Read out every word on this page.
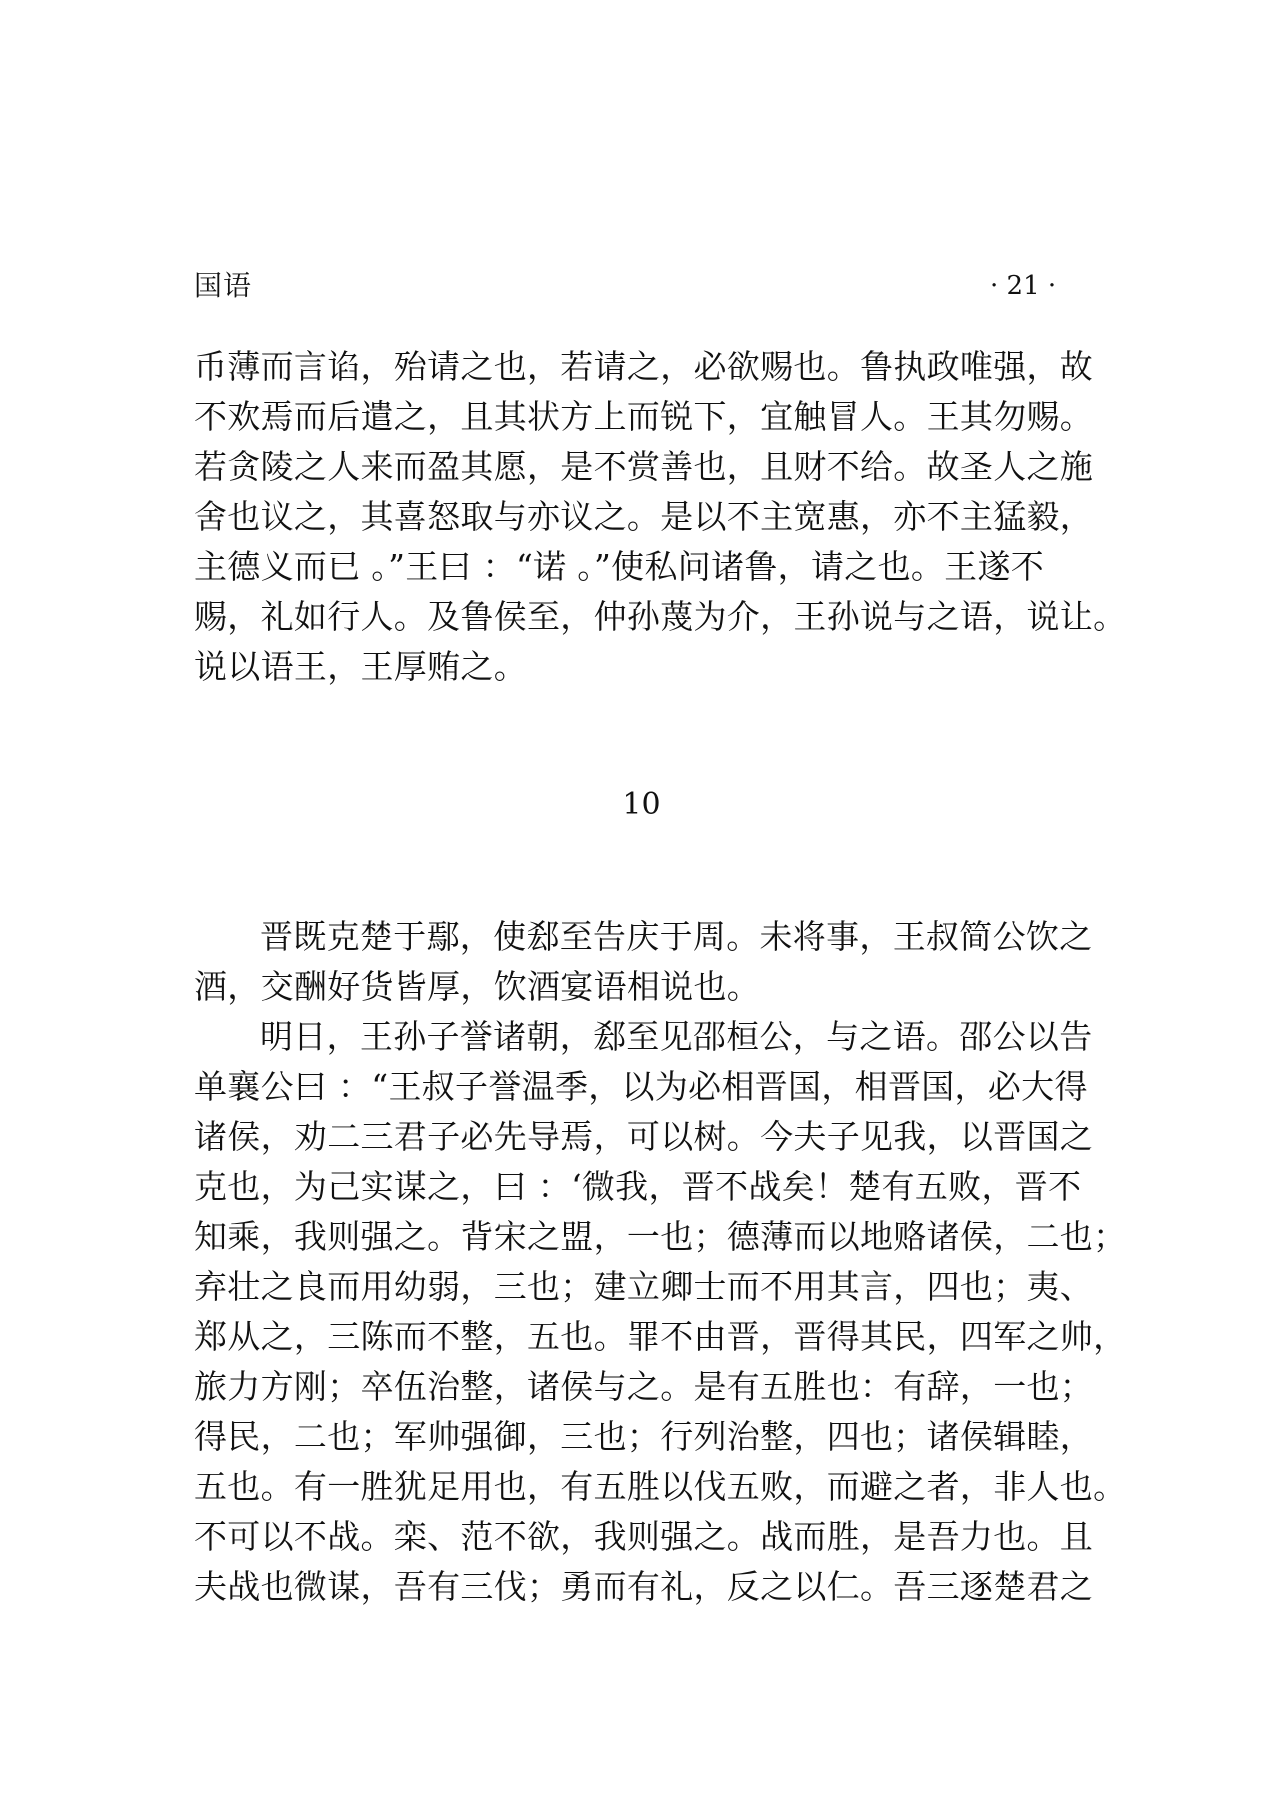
国语	· 21 ·
币薄而言谄，殆请之也，若请之，必欲赐也。鲁执政唯强，故
不欢焉而后遣之，且其状方上而锐下，宜触冒人。王其勿赐。
若贪陵之人来而盈其愿，是不赏善也，且财不给。故圣人之施
舍也议之，其喜怒取与亦议之。是以不主宽惠，亦不主猛毅，
主德义而已 。”王曰 ：“诺 。”使私问诸鲁，请之也。王遂不
赐，礼如行人。及鲁侯至，仲孙蔑为介，王孙说与之语，说让。
说以语王，王厚贿之。
10
晋既克楚于鄢，使郄至告庆于周。未将事，王叔简公饮之
酒，交酬好货皆厚，饮酒宴语相说也。
明日，王孙子誉诸朝，郄至见邵桓公，与之语。邵公以告
单襄公曰 ：“王叔子誉温季，以为必相晋国，相晋国，必大得
诸侯，劝二三君子必先导焉，可以树。今夫子见我，以晋国之
克也，为己实谋之，曰 ：‘微我，晋不战矣！楚有五败，晋不
知乘，我则强之。背宋之盟，一也；德薄而以地赂诸侯，二也；
弃壮之良而用幼弱，三也；建立卿士而不用其言，四也；夷、
郑从之，三陈而不整，五也。罪不由晋，晋得其民，四军之帅，
旅力方刚；卒伍治整，诸侯与之。是有五胜也：有辞，一也；
得民，二也；军帅强御，三也；行列治整，四也；诸侯辑睦，
五也。有一胜犹足用也，有五胜以伐五败，而避之者，非人也。
不可以不战。栾、范不欲，我则强之。战而胜，是吾力也。且
夫战也微谋，吾有三伐；勇而有礼，反之以仁。吾三逐楚君之
